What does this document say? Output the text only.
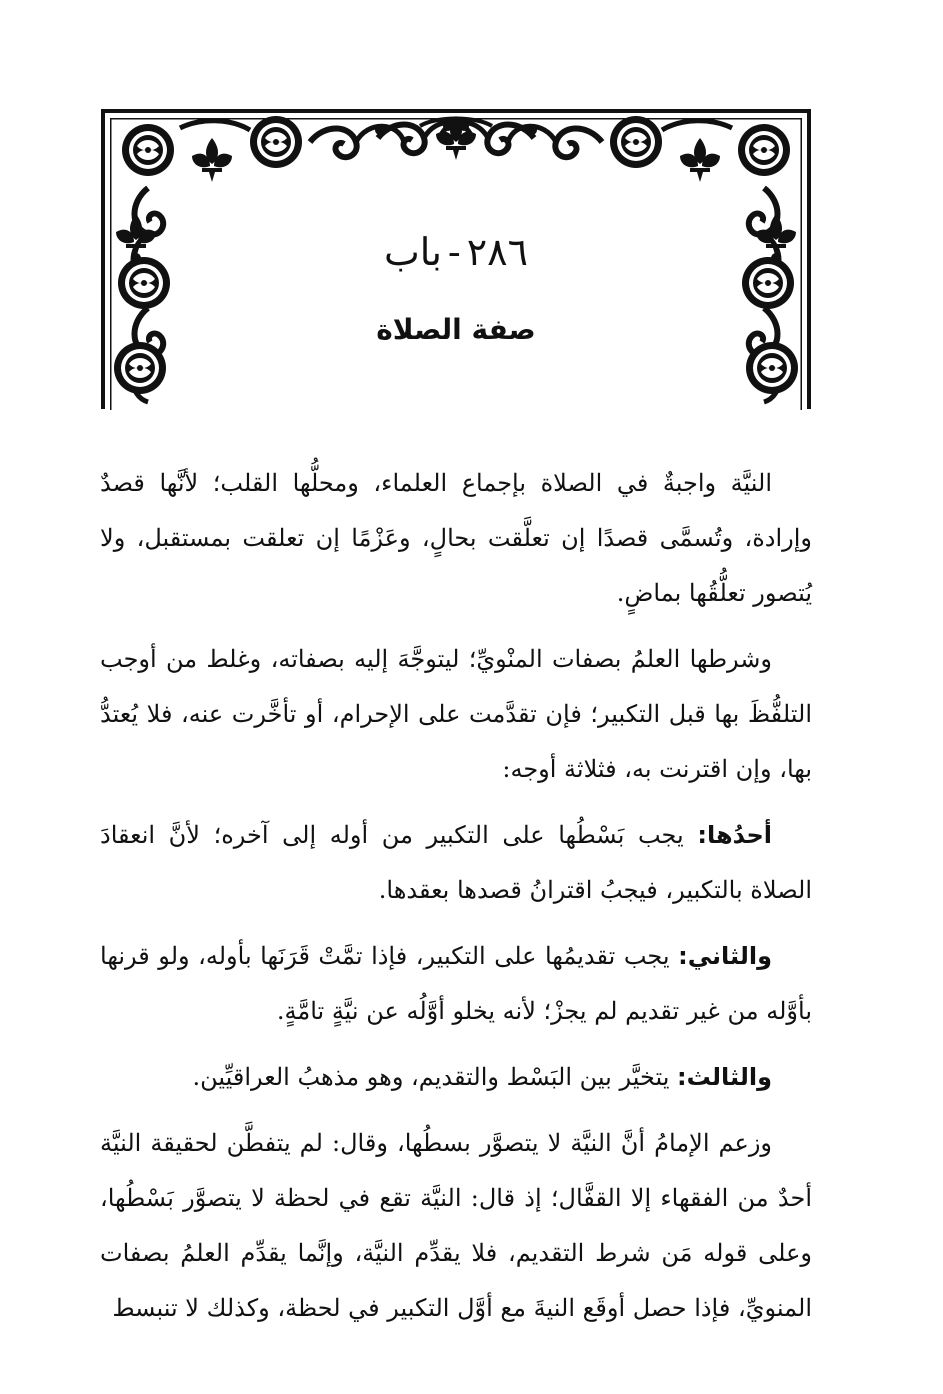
٢٨٦-باب
صفة الصلاة

النيَّة واجبةٌ في الصلاة بإجماع العلماء، ومحلُّها القلب؛ لأنَّها قصدٌ وإرادة، وتُسمَّى قصدًا إن تعلَّقت بحالٍ، وعَزْمًا إن تعلقت بمستقبل، ولا يُتصور تعلُّقُها بماضٍ.

وشرطها العلمُ بصفات المنْويِّ؛ ليتوجَّهَ إليه بصفاته، وغلط من أوجب التلفُّظَ بها قبل التكبير؛ فإن تقدَّمت على الإحرام، أو تأخَّرت عنه، فلا يُعتدُّ بها، وإن اقترنت به، فثلاثة أوجه:

أحدُها: يجب بَسْطُها على التكبير من أوله إلى آخره؛ لأنَّ انعقادَ الصلاة بالتكبير، فيجبُ اقترانُ قصدها بعقدها.

والثاني: يجب تقديمُها على التكبير، فإذا تمَّتْ قَرَنَها بأوله، ولو قرنها بأوَّله من غير تقديم لم يجزْ؛ لأنه يخلو أوَّلُه عن نيَّةٍ تامَّةٍ.

والثالث: يتخيَّر بين البَسْط والتقديم، وهو مذهبُ العراقيِّين.

وزعم الإمامُ أنَّ النيَّة لا يتصوَّر بسطُها، وقال: لم يتفطَّن لحقيقة النيَّة أحدٌ من الفقهاء إلا القفَّال؛ إذ قال: النيَّة تقع في لحظة لا يتصوَّر بَسْطُها، وعلى قوله مَن شرط التقديم، فلا يقدِّم النيَّة، وإنَّما يقدِّم العلمُ بصفات المنويِّ، فإذا حصل أوقَع النيةَ مع أوَّل التكبير في لحظة، وكذلك لا تنبسط
